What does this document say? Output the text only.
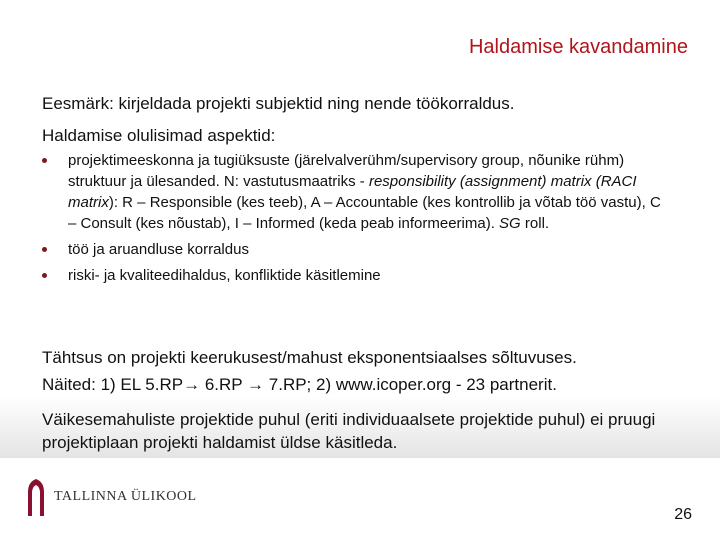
Haldamise kavandamine
Eesmärk: kirjeldada projekti subjektid ning nende töökorraldus.
Haldamise olulisimad aspektid:
projektimeeskonna ja tugiüksuste (järelvalverühm/supervisory group, nõunike rühm) struktuur ja ülesanded. N: vastutusmaatriks - responsibility (assignment) matrix (RACI matrix): R – Responsible (kes teeb), A – Accountable (kes kontrollib ja võtab töö vastu), C – Consult (kes nõustab), I – Informed (keda peab informeerima). SG roll.
töö ja aruandluse korraldus
riski- ja kvaliteedihaldus, konfliktide käsitlemine
Tähtsus on projekti keerukusest/mahust eksponentsiaalses sõltuvuses.
Näited: 1) EL 5.RP→ 6.RP → 7.RP; 2) www.icoper.org - 23 partnerit.
Väikesemahuliste projektide puhul (eriti individuaalsete projektide puhul) ei pruugi projektiplaan projekti haldamist üldse käsitleda.
TALLINNA ÜLIKOOL
26
